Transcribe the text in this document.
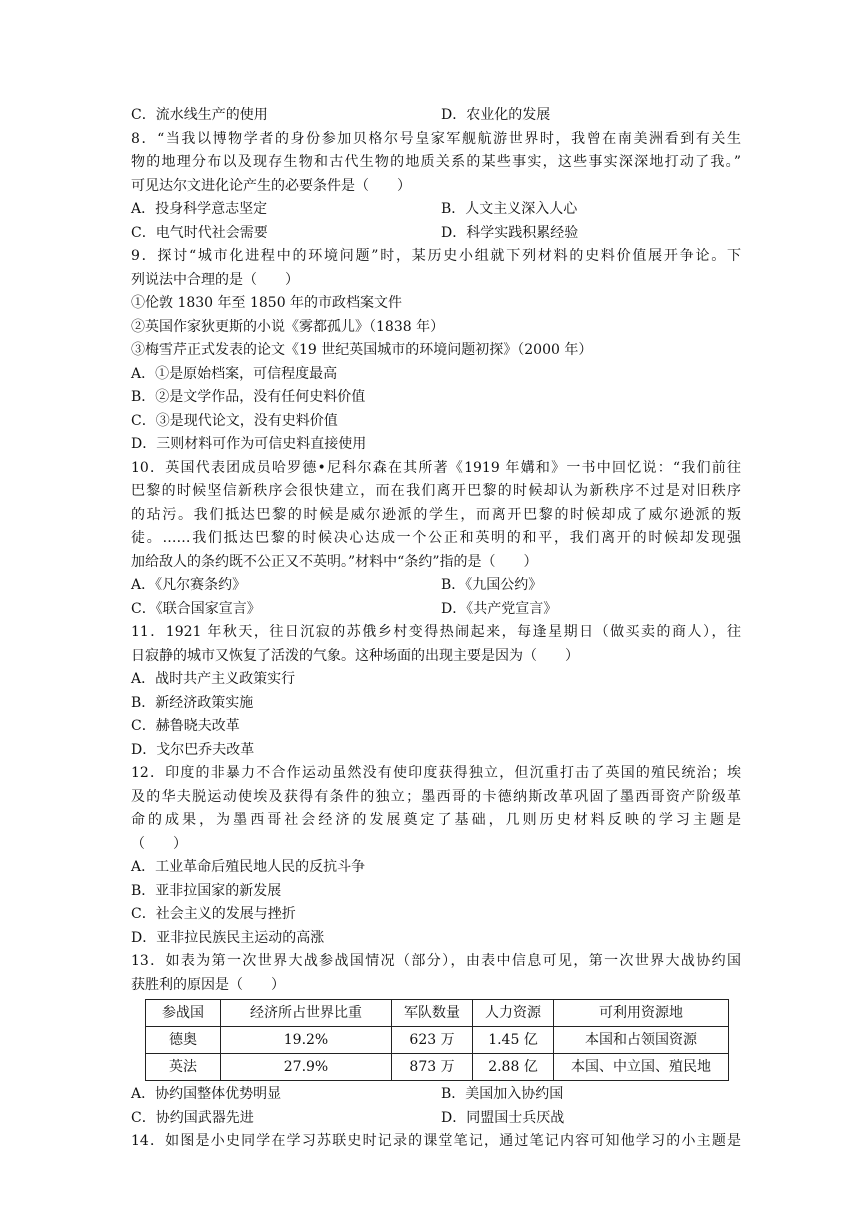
C．流水线生产的使用	D．农业化的发展
8．“当我以博物学者的身份参加贝格尔号皇家军舰航游世界时，我曾在南美洲看到有关生
物的地理分布以及现存生物和古代生物的地质关系的某些事实，这些事实深深地打动了我。”
可见达尔文进化论产生的必要条件是（　　）
A．投身科学意志坚定	B．人文主义深入人心
C．电气时代社会需要	D．科学实践积累经验
9．探讨“城市化进程中的环境问题”时，某历史小组就下列材料的史料价值展开争论。下
列说法中合理的是（　　）
①伦敦 1830 年至 1850 年的市政档案文件
②英国作家狄更斯的小说《雾都孤儿》（1838 年）
③梅雪芹正式发表的论文《19 世纪英国城市的环境问题初探》（2000 年）
A．①是原始档案，可信程度最高
B．②是文学作品，没有任何史料价值
C．③是现代论文，没有史料价值
D．三则材料可作为可信史料直接使用
10．英国代表团成员哈罗德•尼科尔森在其所著《1919 年媾和》一书中回忆说：“我们前往
巴黎的时候坚信新秩序会很快建立，而在我们离开巴黎的时候却认为新秩序不过是对旧秩序
的玷污。我们抵达巴黎的时候是威尔逊派的学生，而离开巴黎的时候却成了威尔逊派的叛
徒。……我们抵达巴黎的时候决心达成一个公正和英明的和平，我们离开的时候却发现强
加给敌人的条约既不公正又不英明。”材料中“条约”指的是（　　）
A．《凡尔赛条约》	B．《九国公约》
C．《联合国家宣言》	D．《共产党宣言》
11．1921 年秋天，往日沉寂的苏俄乡村变得热闹起来，每逢星期日（做买卖的商人），往
日寂静的城市又恢复了活泼的气象。这种场面的出现主要是因为（　　）
A．战时共产主义政策实行
B．新经济政策实施
C．赫鲁晓夫改革
D．戈尔巴乔夫改革
12．印度的非暴力不合作运动虽然没有使印度获得独立，但沉重打击了英国的殖民统治；埃
及的华夫脱运动使埃及获得有条件的独立；墨西哥的卡德纳斯改革巩固了墨西哥资产阶级革
命的成果，为墨西哥社会经济的发展奠定了基础，几则历史材料反映的学习主题是
（　　）
A．工业革命后殖民地人民的反抗斗争
B．亚非拉国家的新发展
C．社会主义的发展与挫折
D．亚非拉民族民主运动的高涨
13．如表为第一次世界大战参战国情况（部分），由表中信息可见，第一次世界大战协约国
获胜利的原因是（　　）
参战国	经济所占世界比重	军队数量	人力资源	可利用资源地
德奥	19.2%	623 万	1.45 亿	本国和占领国资源
英法	27.9%	873 万	2.88 亿	本国、中立国、殖民地
A．协约国整体优势明显	B．美国加入协约国
C．协约国武器先进	D．同盟国士兵厌战
14．如图是小史同学在学习苏联史时记录的课堂笔记，通过笔记内容可知他学习的小主题是
